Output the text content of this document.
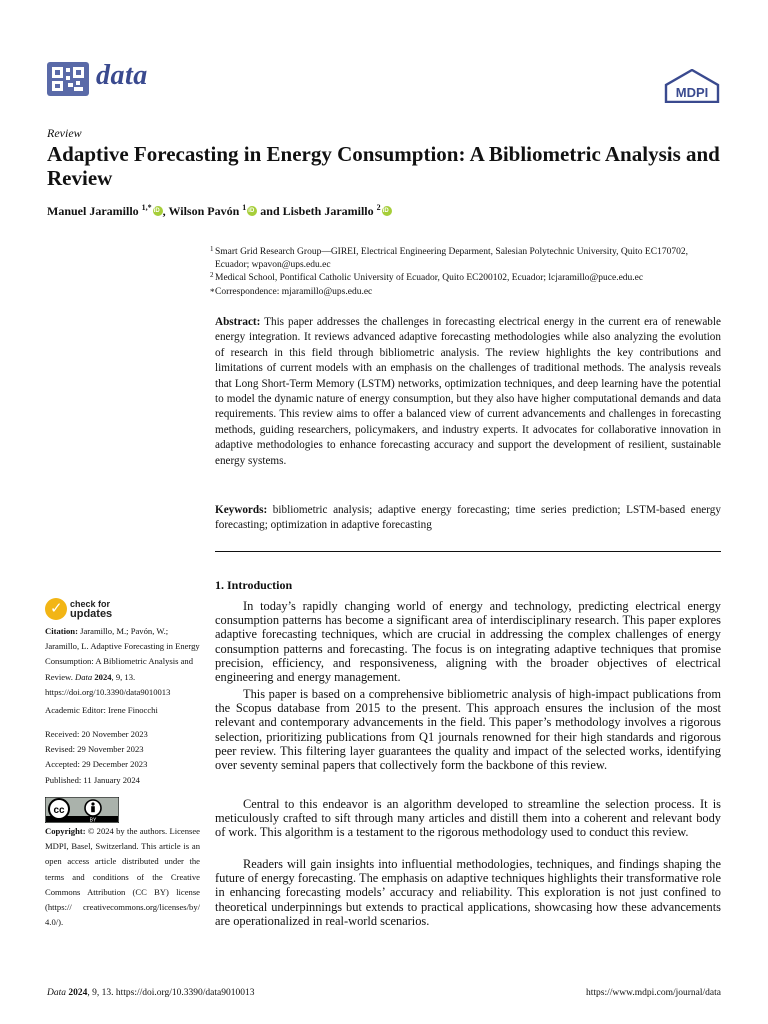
data
MDPI
Review
Adaptive Forecasting in Energy Consumption: A Bibliometric Analysis and Review
Manuel Jaramillo $^{1,*}$iD , Wilson Pavón $^1$iD and Lisbeth Jaramillo $^2$iD
1 Smart Grid Research Group—GIREI, Electrical Engineering Deparment, Salesian Polytechnic University, Quito EC170702, Ecuador; wpavon@ups.edu.ec
2 Medical School, Pontifical Catholic University of Ecuador, Quito EC200102, Ecuador; lcjaramillo@puce.edu.ec
* Correspondence: mjaramillo@ups.edu.ec
Abstract: This paper addresses the challenges in forecasting electrical energy in the current era of renewable energy integration. It reviews advanced adaptive forecasting methodologies while also analyzing the evolution of research in this field through bibliometric analysis. The review highlights the key contributions and limitations of current models with an emphasis on the challenges of traditional methods. The analysis reveals that Long Short-Term Memory (LSTM) networks, optimization techniques, and deep learning have the potential to model the dynamic nature of energy consumption, but they also have higher computational demands and data requirements. This review aims to offer a balanced view of current advancements and challenges in forecasting methods, guiding researchers, policymakers, and industry experts. It advocates for collaborative innovation in adaptive methodologies to enhance forecasting accuracy and support the development of resilient, sustainable energy systems.
Keywords: bibliometric analysis; adaptive energy forecasting; time series prediction; LSTM-based energy forecasting; optimization in adaptive forecasting
1. Introduction
In today’s rapidly changing world of energy and technology, predicting electrical energy consumption patterns has become a significant area of interdisciplinary research. This paper explores adaptive forecasting techniques, which are crucial in addressing the complex challenges of energy consumption patterns and forecasting. The focus is on integrating adaptive techniques that promise precision, efficiency, and responsiveness, aligning with the broader objectives of electrical engineering and energy management.
This paper is based on a comprehensive bibliometric analysis of high-impact publications from the Scopus database from 2015 to the present. This approach ensures the inclusion of the most relevant and contemporary advancements in the field. This paper’s methodology involves a rigorous selection, prioritizing publications from Q1 journals renowned for their high standards and rigorous peer review. This filtering layer guarantees the quality and impact of the selected works, identifying over seventy seminal papers that collectively form the backbone of this review.
Central to this endeavor is an algorithm developed to streamline the selection process. It is meticulously crafted to sift through many articles and distill them into a coherent and relevant body of work. This algorithm is a testament to the rigorous methodology used to conduct this review.
Readers will gain insights into influential methodologies, techniques, and findings shaping the future of energy forecasting. The emphasis on adaptive techniques highlights their transformative role in enhancing forecasting models’ accuracy and reliability. This exploration is not just confined to theoretical underpinnings but extends to practical applications, showcasing how these advancements are operationalized in real-world scenarios.
✓
check for
updates
Citation: Jaramillo, M.; Pavón, W.; Jaramillo, L. Adaptive Forecasting in Energy Consumption: A Bibliometric Analysis and Review. Data 2024, 9, 13. https://doi.org/10.3390/data9010013
Academic Editor: Irene Finocchi
Received: 20 November 2023
Revised: 29 November 2023
Accepted: 29 December 2023
Published: 11 January 2024
cc
BY
Copyright: © 2024 by the authors. Licensee MDPI, Basel, Switzerland. This article is an open access article distributed under the terms and conditions of the Creative Commons Attribution (CC BY) license (https:// creativecommons.org/licenses/by/ 4.0/).
Data 2024, 9, 13. https://doi.org/10.3390/data9010013	https://www.mdpi.com/journal/data
